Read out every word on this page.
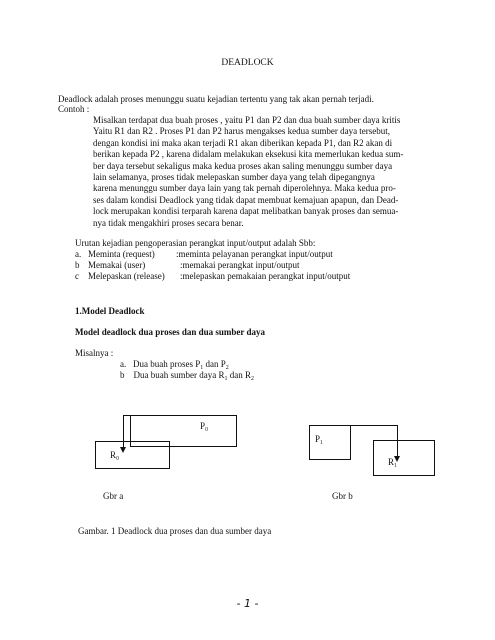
DEADLOCK
Deadlock adalah proses menunggu suatu kejadian tertentu yang tak akan pernah terjadi.
Contoh :
Misalkan terdapat dua buah proses , yaitu P1 dan P2 dan dua buah sumber daya kritis
Yaitu R1 dan R2 . Proses P1 dan P2 harus mengakses kedua sumber daya tersebut,
dengan kondisi ini maka akan terjadi R1 akan diberikan kepada P1, dan R2 akan di
berikan kepada P2 , karena didalam melakukan eksekusi kita memerlukan kedua sum-
ber daya tersebut sekaligus maka kedua proses akan saling menunggu sumber daya
lain selamanya, proses tidak melepaskan sumber daya yang telah dipegangnya
karena menunggu sumber daya lain yang tak pernah diperolehnya. Maka kedua pro-
ses dalam kondisi Deadlock yang tidak dapat membuat kemajuan apapun, dan Dead-
lock merupakan kondisi terparah karena dapat melibatkan banyak proses dan semua-
nya tidak mengakhiri proses secara benar.
Urutan kejadian pengoperasian perangkat input/output adalah Sbb:
a. Meminta (request) :meminta pelayanan perangkat input/output
b Memakai (user)	:memakai perangkat input/output
c Melepaskan (release) :melepaskan pemakaian perangkat input/output
1.Model Deadlock
Model deadlock dua proses dan dua sumber daya
Misalnya :
a. Dua buah proses $P_1$ dan $P_2$
b Dua buah sumber daya $R_1$ dan $R_2$
P₀
R₀
P₁
R₁
Gbr a	Gbr b
Gambar. 1 Deadlock dua proses dan dua sumber daya
- 1 -
